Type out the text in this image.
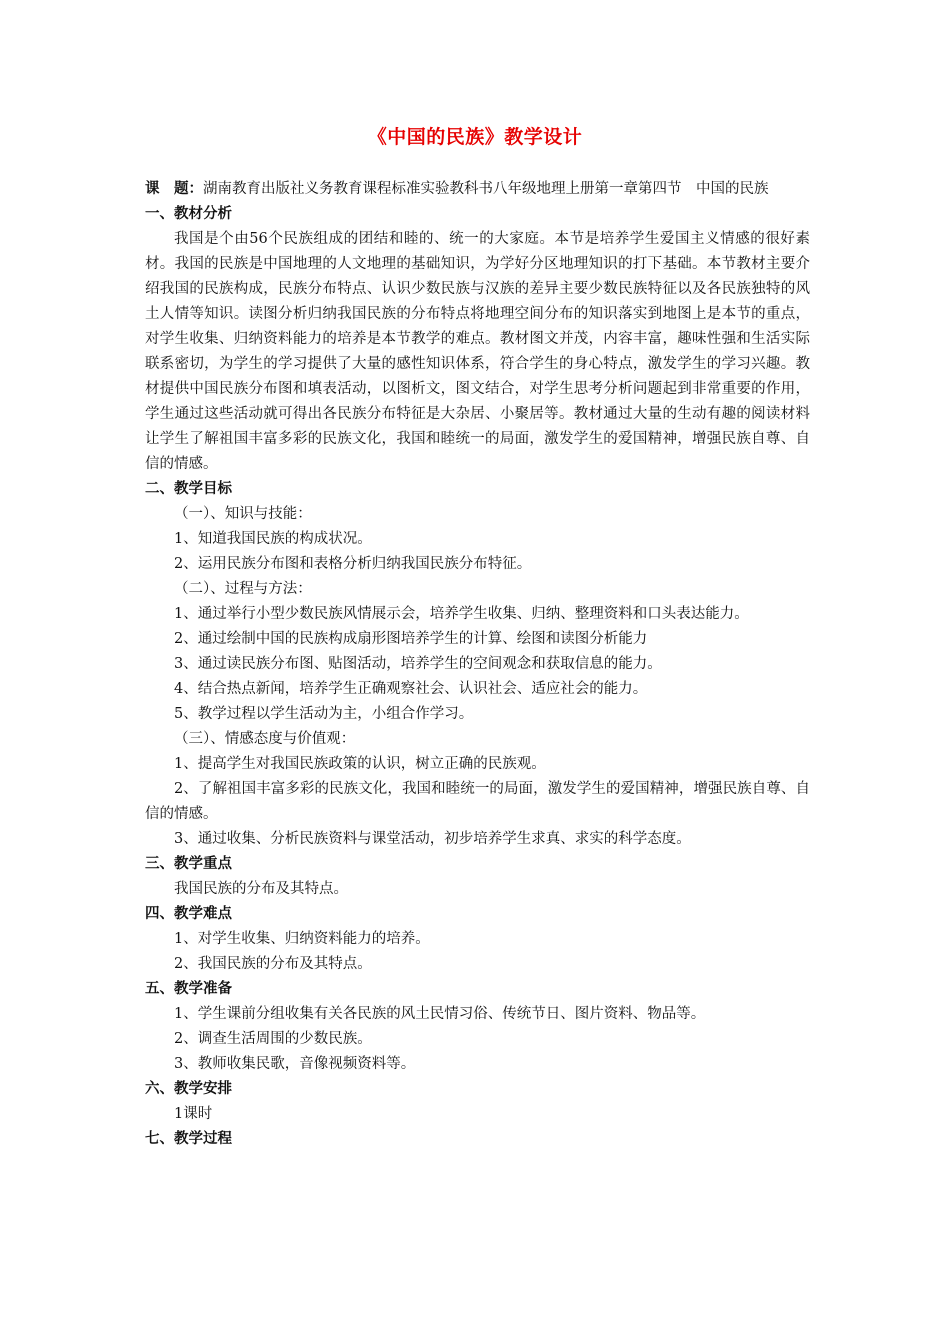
《中国的民族》教学设计

课　题：湖南教育出版社义务教育课程标准实验教科书八年级地理上册第一章第四节　中国的民族

一、教材分析

我国是个由56个民族组成的团结和睦的、统一的大家庭。本节是培养学生爱国主义情感的很好素材。我国的民族是中国地理的人文地理的基础知识，为学好分区地理知识的打下基础。本节教材主要介绍我国的民族构成，民族分布特点、认识少数民族与汉族的差异主要少数民族特征以及各民族独特的风土人情等知识。读图分析归纳我国民族的分布特点将地理空间分布的知识落实到地图上是本节的重点，对学生收集、归纳资料能力的培养是本节教学的难点。教材图文并茂，内容丰富，趣味性强和生活实际联系密切，为学生的学习提供了大量的感性知识体系，符合学生的身心特点，激发学生的学习兴趣。教材提供中国民族分布图和填表活动，以图析文，图文结合，对学生思考分析问题起到非常重要的作用，学生通过这些活动就可得出各民族分布特征是大杂居、小聚居等。教材通过大量的生动有趣的阅读材料让学生了解祖国丰富多彩的民族文化，我国和睦统一的局面，激发学生的爱国精神，增强民族自尊、自信的情感。

二、教学目标

（一）、知识与技能：

1、知道我国民族的构成状况。

2、运用民族分布图和表格分析归纳我国民族分布特征。

（二）、过程与方法：

1、通过举行小型少数民族风情展示会，培养学生收集、归纳、整理资料和口头表达能力。

2、通过绘制中国的民族构成扇形图培养学生的计算、绘图和读图分析能力

3、通过读民族分布图、贴图活动，培养学生的空间观念和获取信息的能力。

4、结合热点新闻，培养学生正确观察社会、认识社会、适应社会的能力。

5、教学过程以学生活动为主，小组合作学习。

（三）、情感态度与价值观：

1、提高学生对我国民族政策的认识，树立正确的民族观。

2、了解祖国丰富多彩的民族文化，我国和睦统一的局面，激发学生的爱国精神，增强民族自尊、自信的情感。

3、通过收集、分析民族资料与课堂活动，初步培养学生求真、求实的科学态度。

三、教学重点

我国民族的分布及其特点。

四、教学难点

1、对学生收集、归纳资料能力的培养。

2、我国民族的分布及其特点。

五、教学准备

1、学生课前分组收集有关各民族的风土民情习俗、传统节日、图片资料、物品等。

2、调查生活周围的少数民族。

3、教师收集民歌，音像视频资料等。

六、教学安排

1课时

七、教学过程
